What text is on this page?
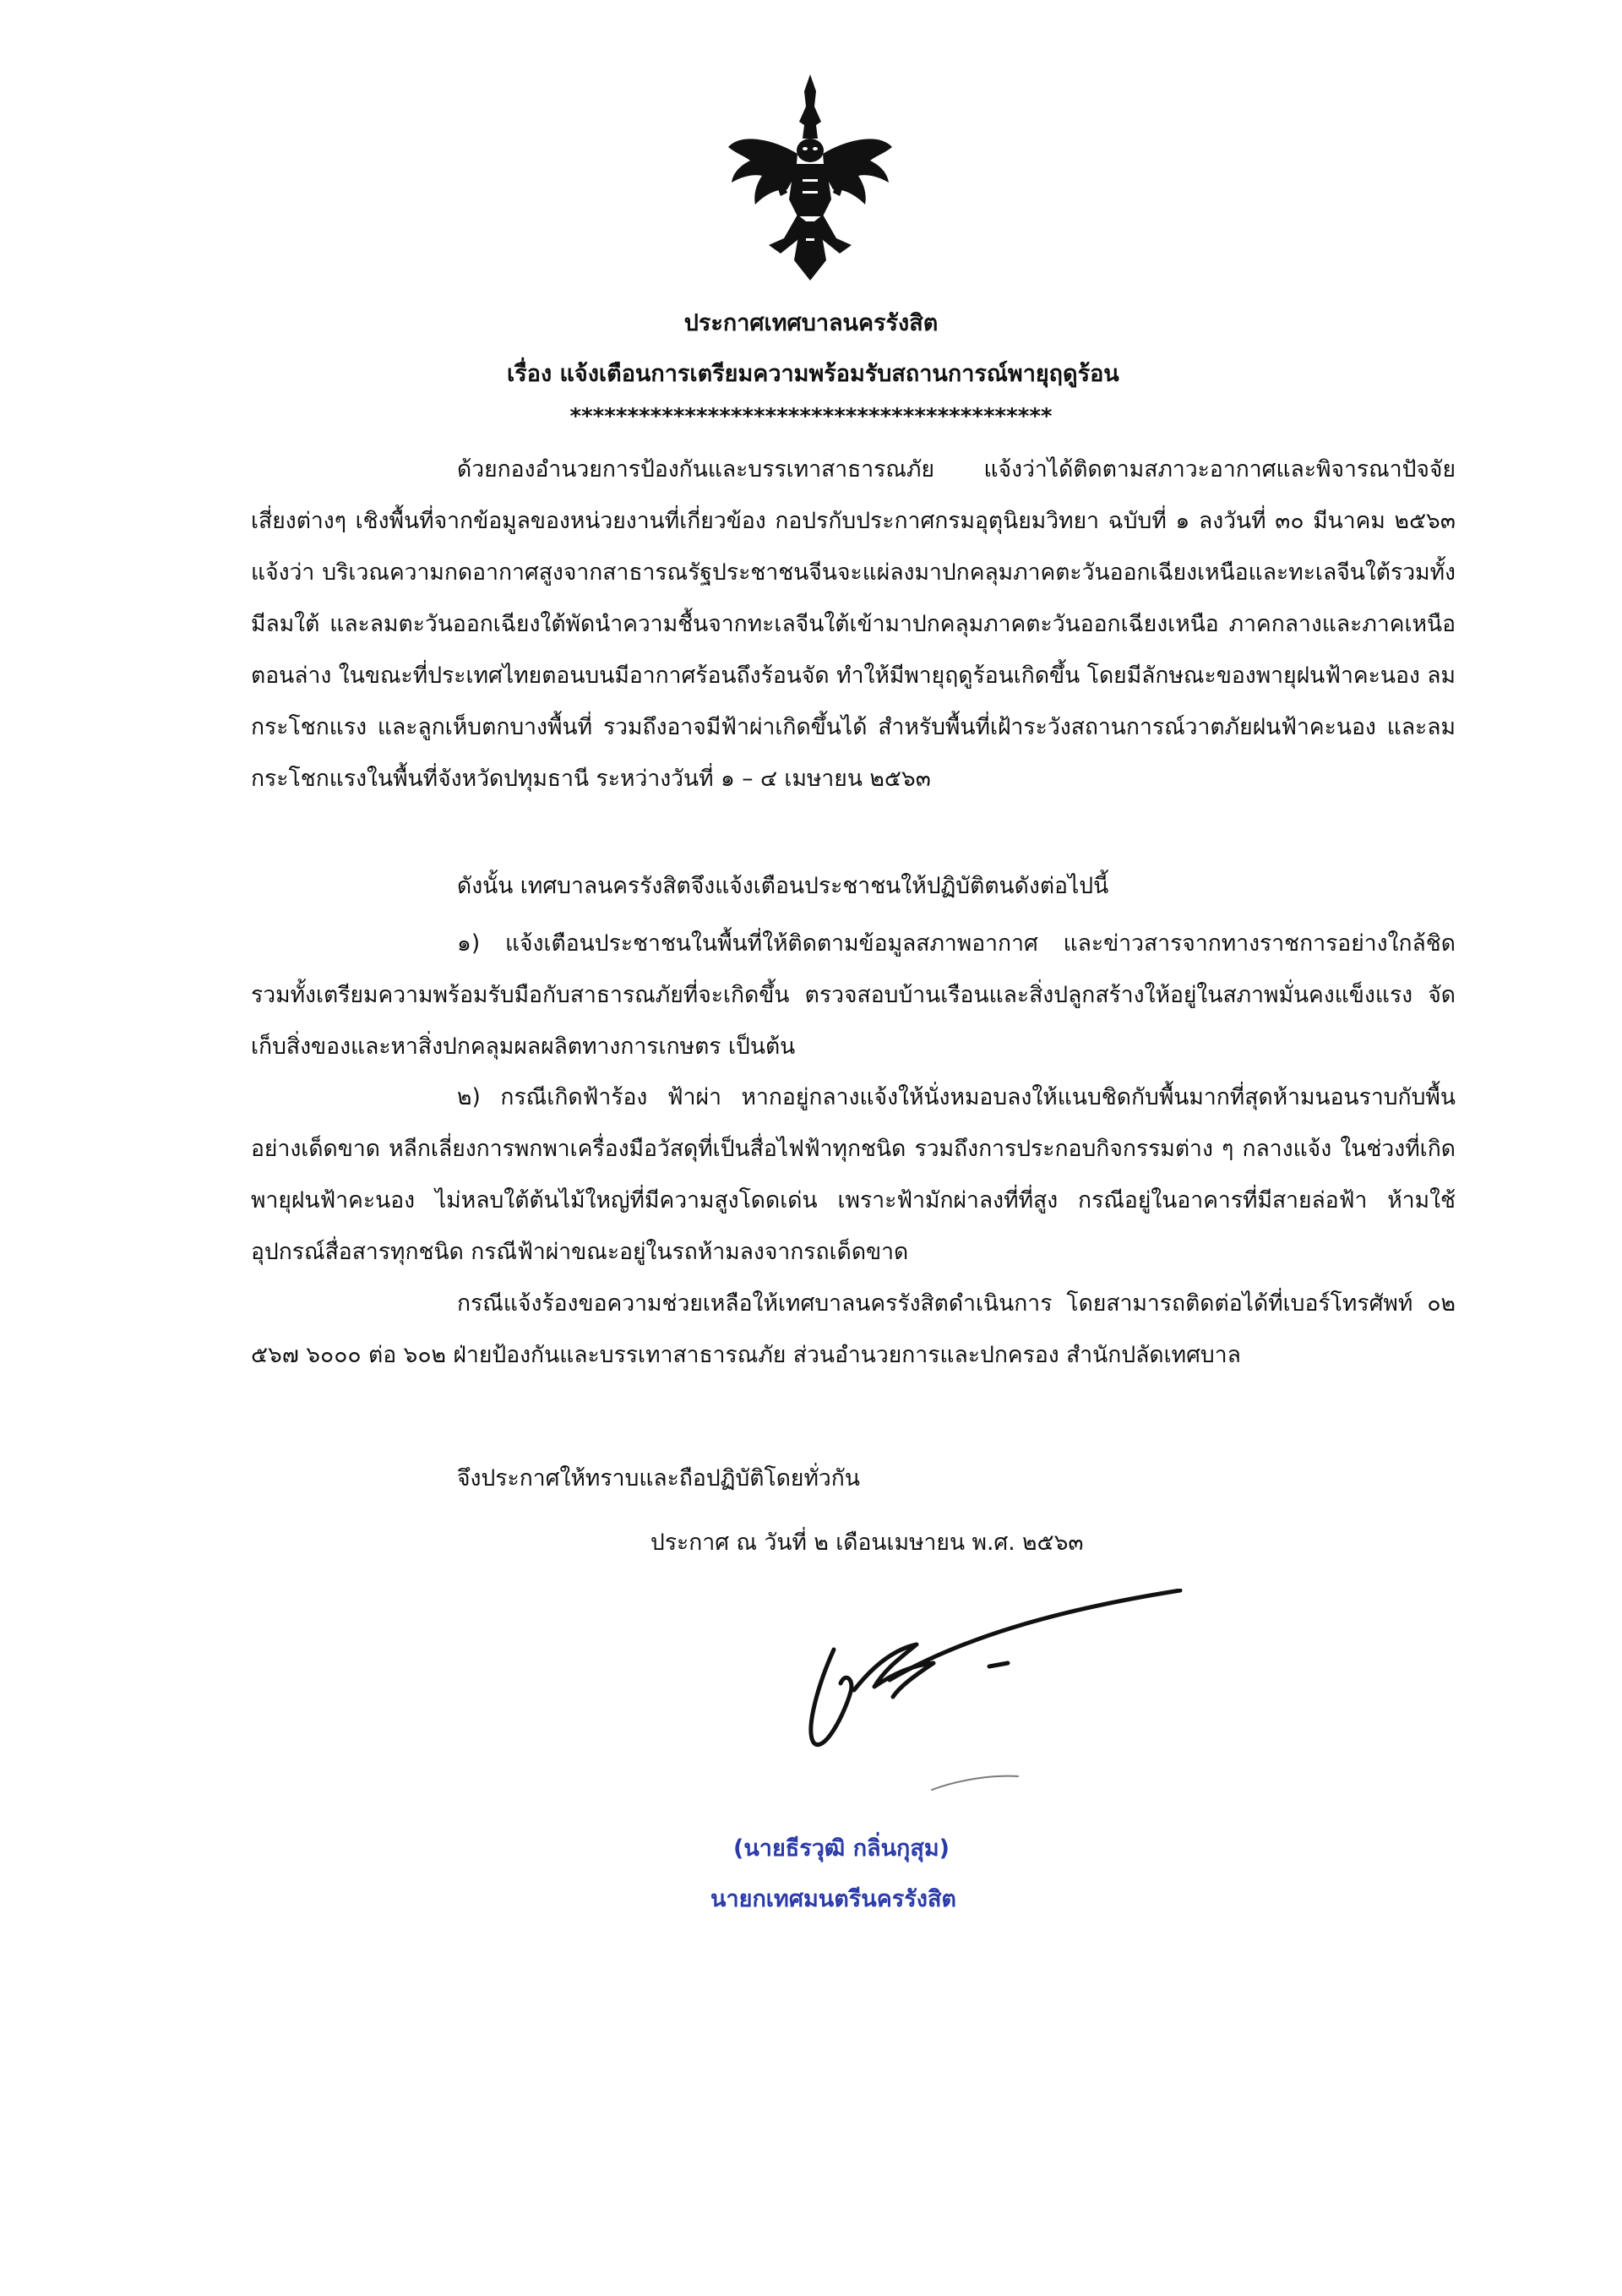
ประกาศเทศบาลนครรังสิต
เรื่อง แจ้งเตือนการเตรียมความพร้อมรับสถานการณ์พายุฤดูร้อน
******************************************

ด้วยกองอำนวยการป้องกันและบรรเทาสาธารณภัย แจ้งว่าได้ติดตามสภาวะอากาศและพิจารณาปัจจัยเสี่ยงต่างๆ เชิงพื้นที่จากข้อมูลของหน่วยงานที่เกี่ยวข้อง กอปรกับประกาศกรมอุตุนิยมวิทยา ฉบับที่ ๑ ลงวันที่ ๓๐ มีนาคม ๒๕๖๓ แจ้งว่า บริเวณความกดอากาศสูงจากสาธารณรัฐประชาชนจีนจะแผ่ลงมาปกคลุมภาคตะวันออกเฉียงเหนือและทะเลจีนใต้รวมทั้งมีลมใต้ และลมตะวันออกเฉียงใต้พัดนำความชื้นจากทะเลจีนใต้เข้ามาปกคลุมภาคตะวันออกเฉียงเหนือ ภาคกลางและภาคเหนือตอนล่าง ในขณะที่ประเทศไทยตอนบนมีอากาศร้อนถึงร้อนจัด ทำให้มีพายุฤดูร้อนเกิดขึ้น โดยมีลักษณะของพายุฝนฟ้าคะนอง ลมกระโชกแรง และลูกเห็บตกบางพื้นที่ รวมถึงอาจมีฟ้าผ่าเกิดขึ้นได้ สำหรับพื้นที่เฝ้าระวังสถานการณ์วาตภัยฝนฟ้าคะนอง และลมกระโชกแรงในพื้นที่จังหวัดปทุมธานี ระหว่างวันที่ ๑ – ๔ เมษายน ๒๕๖๓

ดังนั้น เทศบาลนครรังสิตจึงแจ้งเตือนประชาชนให้ปฏิบัติตนดังต่อไปนี้

๑) แจ้งเตือนประชาชนในพื้นที่ให้ติดตามข้อมูลสภาพอากาศ และข่าวสารจากทางราชการอย่างใกล้ชิด รวมทั้งเตรียมความพร้อมรับมือกับสาธารณภัยที่จะเกิดขึ้น ตรวจสอบบ้านเรือนและสิ่งปลูกสร้างให้อยู่ในสภาพมั่นคงแข็งแรง จัดเก็บสิ่งของและหาสิ่งปกคลุมผลผลิตทางการเกษตร เป็นต้น

๒) กรณีเกิดฟ้าร้อง ฟ้าผ่า หากอยู่กลางแจ้งให้นั่งหมอบลงให้แนบชิดกับพื้นมากที่สุดห้ามนอนราบกับพื้นอย่างเด็ดขาด หลีกเลี่ยงการพกพาเครื่องมือวัสดุที่เป็นสื่อไฟฟ้าทุกชนิด รวมถึงการประกอบกิจกรรมต่าง ๆ กลางแจ้ง ในช่วงที่เกิดพายุฝนฟ้าคะนอง ไม่หลบใต้ต้นไม้ใหญ่ที่มีความสูงโดดเด่น เพราะฟ้ามักผ่าลงที่ที่สูง กรณีอยู่ในอาคารที่มีสายล่อฟ้า ห้ามใช้อุปกรณ์สื่อสารทุกชนิด กรณีฟ้าผ่าขณะอยู่ในรถห้ามลงจากรถเด็ดขาด

กรณีแจ้งร้องขอความช่วยเหลือให้เทศบาลนครรังสิตดำเนินการ โดยสามารถติดต่อได้ที่เบอร์โทรศัพท์ ๐๒ ๕๖๗ ๖๐๐๐ ต่อ ๖๐๒ ฝ่ายป้องกันและบรรเทาสาธารณภัย ส่วนอำนวยการและปกครอง สำนักปลัดเทศบาล

จึงประกาศให้ทราบและถือปฏิบัติโดยทั่วกัน
ประกาศ ณ วันที่ ๒ เดือนเมษายน พ.ศ. ๒๕๖๓
(นายธีรวุฒิ กลิ่นกุสุม)
นายกเทศมนตรีนครรังสิต
